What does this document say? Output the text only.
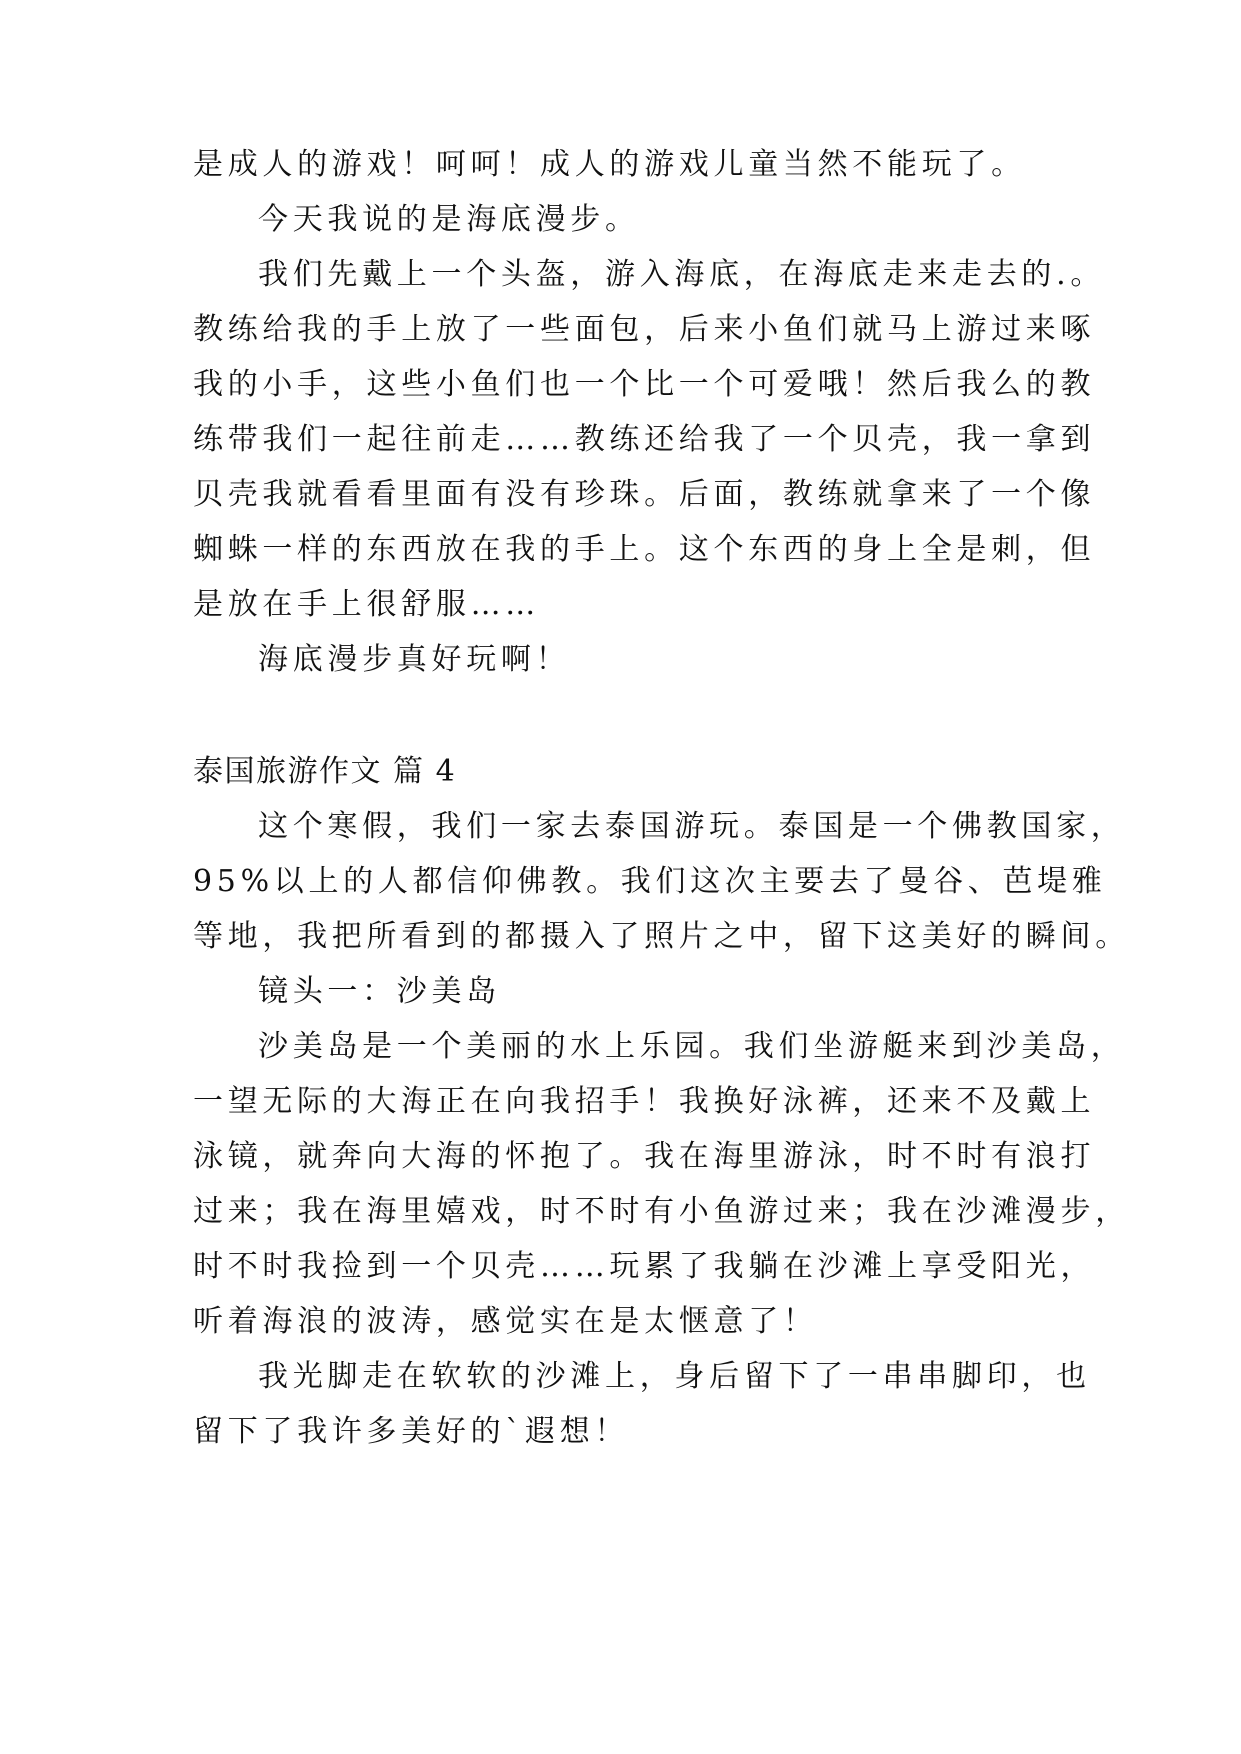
是成人的游戏！呵呵！成人的游戏儿童当然不能玩了。
今天我说的是海底漫步。
我们先戴上一个头盔，游入海底，在海底走来走去的.。
教练给我的手上放了一些面包，后来小鱼们就马上游过来啄
我的小手，这些小鱼们也一个比一个可爱哦！然后我么的教
练带我们一起往前走……教练还给我了一个贝壳，我一拿到
贝壳我就看看里面有没有珍珠。后面，教练就拿来了一个像
蜘蛛一样的东西放在我的手上。这个东西的身上全是刺，但
是放在手上很舒服……
海底漫步真好玩啊！
泰国旅游作文 篇 4
这个寒假，我们一家去泰国游玩。泰国是一个佛教国家，
95%以上的人都信仰佛教。我们这次主要去了曼谷、芭堤雅
等地，我把所看到的都摄入了照片之中，留下这美好的瞬间。
镜头一：沙美岛
沙美岛是一个美丽的水上乐园。我们坐游艇来到沙美岛，
一望无际的大海正在向我招手！我换好泳裤，还来不及戴上
泳镜，就奔向大海的怀抱了。我在海里游泳，时不时有浪打
过来；我在海里嬉戏，时不时有小鱼游过来；我在沙滩漫步，
时不时我捡到一个贝壳……玩累了我躺在沙滩上享受阳光，
听着海浪的波涛，感觉实在是太惬意了！
我光脚走在软软的沙滩上，身后留下了一串串脚印，也
留下了我许多美好的`遐想！
